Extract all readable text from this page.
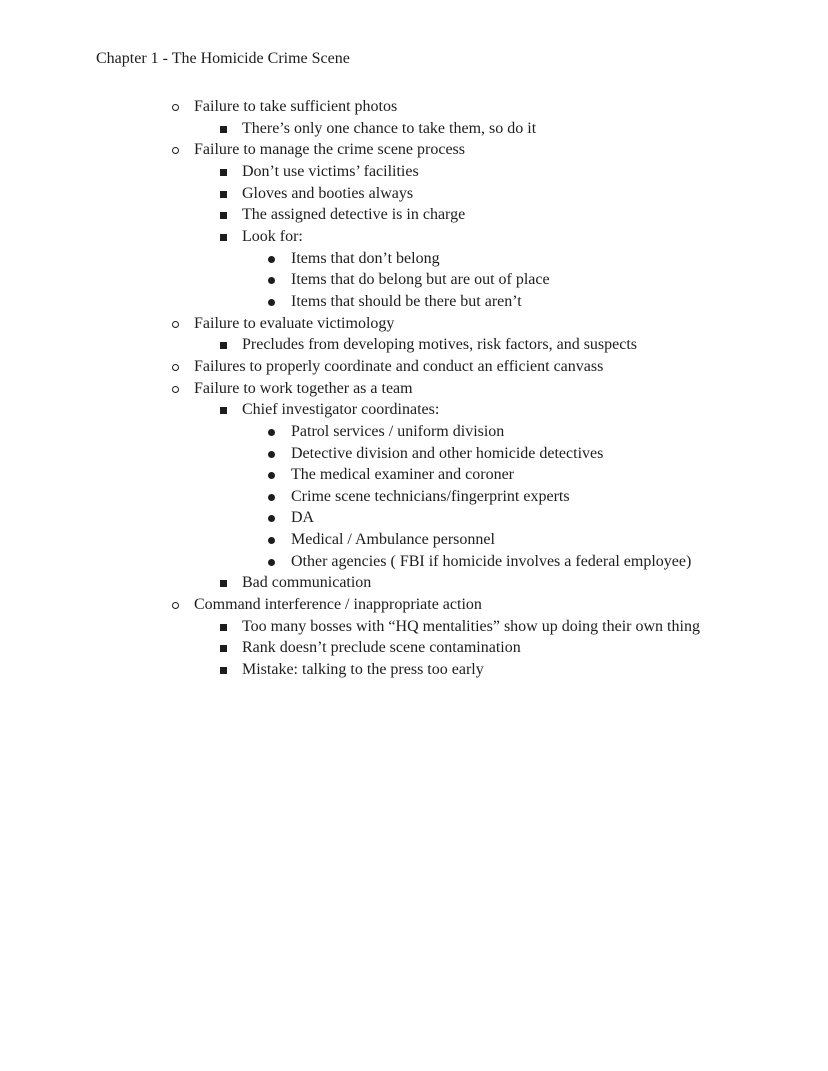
Chapter 1 - The Homicide Crime Scene
Failure to take sufficient photos
There’s only one chance to take them, so do it
Failure to manage the crime scene process
Don’t use victims’ facilities
Gloves and booties always
The assigned detective is in charge
Look for:
Items that don’t belong
Items that do belong but are out of place
Items that should be there but aren’t
Failure to evaluate victimology
Precludes from developing motives, risk factors, and suspects
Failures to properly coordinate and conduct an efficient canvass
Failure to work together as a team
Chief investigator coordinates:
Patrol services / uniform division
Detective division and other homicide detectives
The medical examiner and coroner
Crime scene technicians/fingerprint experts
DA
Medical / Ambulance personnel
Other agencies ( FBI if homicide involves a federal employee)
Bad communication
Command interference / inappropriate action
Too many bosses with “HQ mentalities” show up doing their own thing
Rank doesn’t preclude scene contamination
Mistake: talking to the press too early
